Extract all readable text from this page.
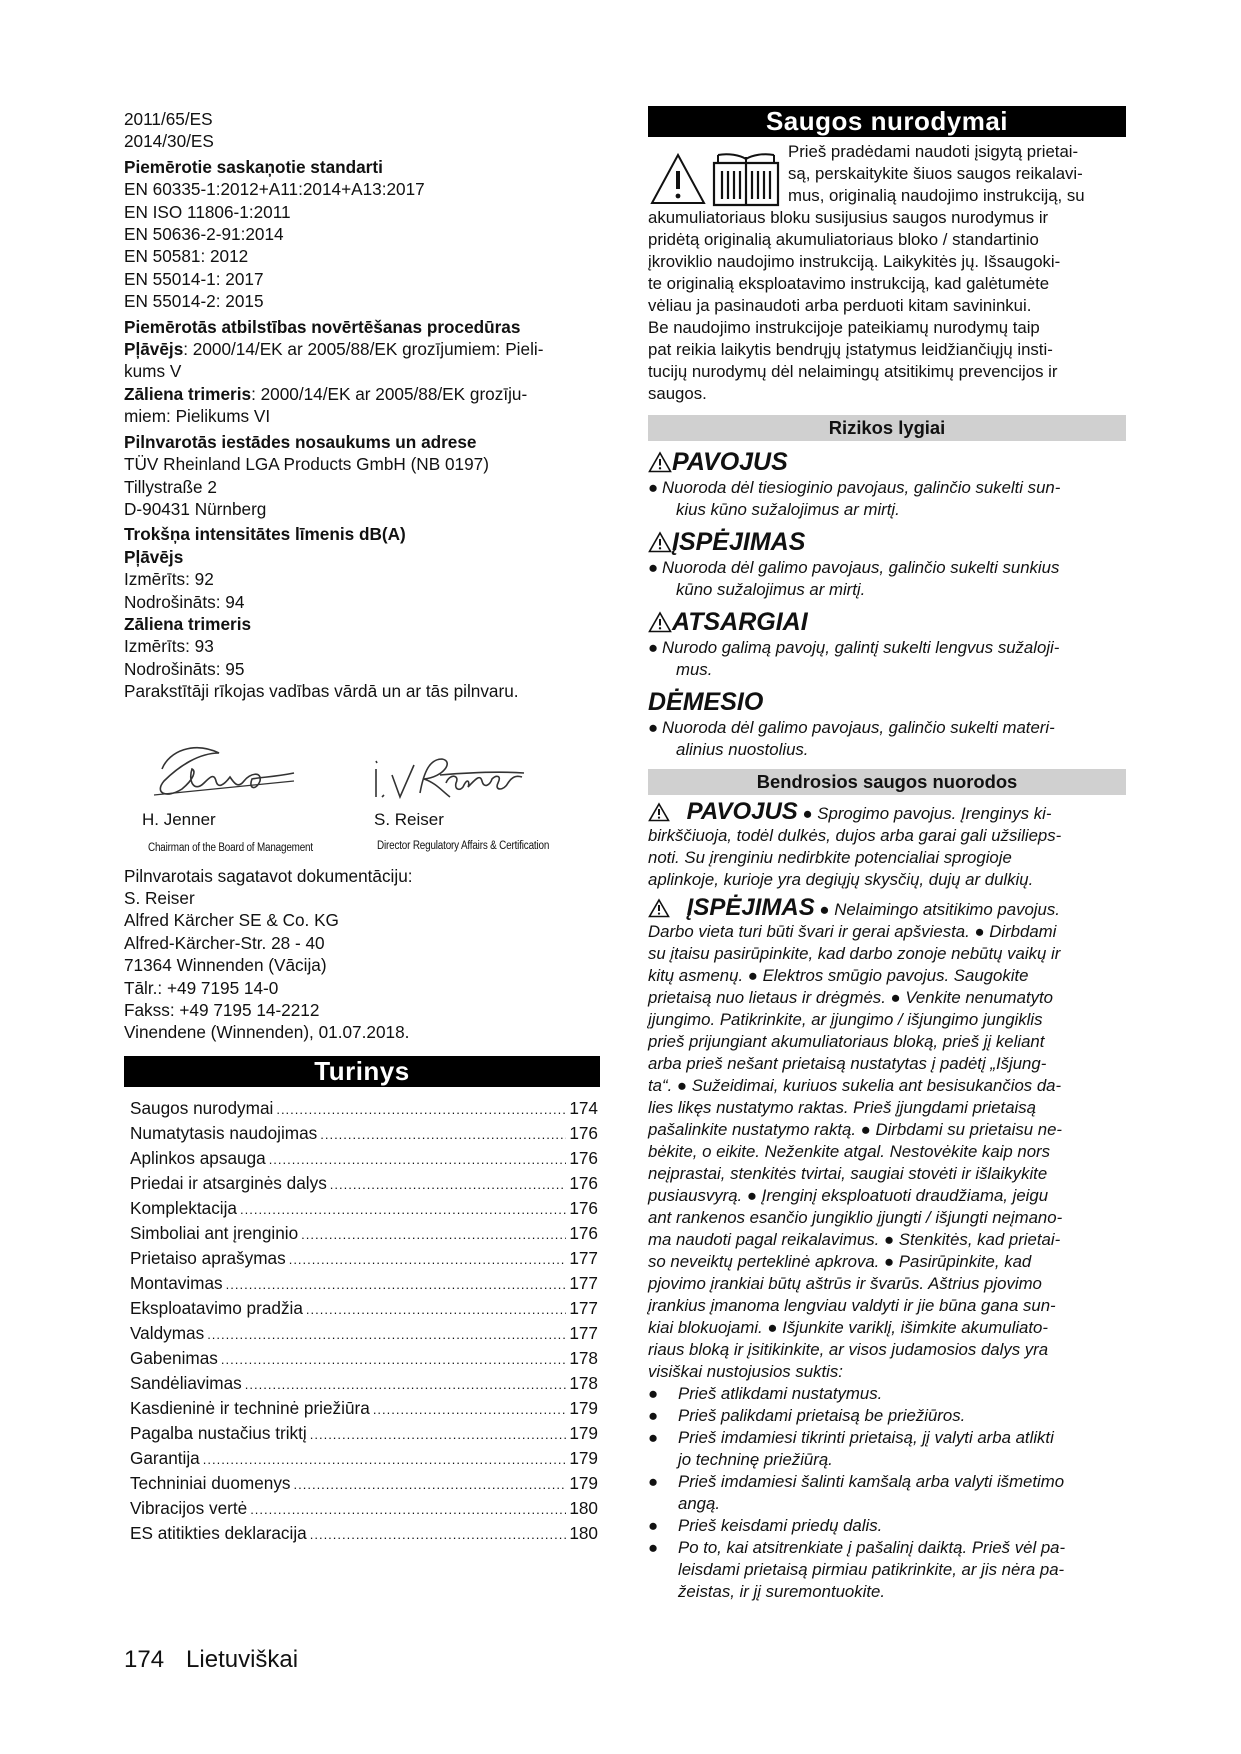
2011/65/ES
2014/30/ES
Piemērotie saskaņotie standarti
EN 60335-1:2012+A11:2014+A13:2017
EN ISO 11806-1:2011
EN 50636-2-91:2014
EN 50581: 2012
EN 55014-1: 2017
EN 55014-2: 2015
Piemērotās atbilstības novērtēšanas procedūras
Pļāvējs: 2000/14/EK ar 2005/88/EK grozījumiem: Pieli-
kums V
Zāliena trimeris: 2000/14/EK ar 2005/88/EK grozīju-
miem: Pielikums VI
Pilnvarotās iestādes nosaukums un adrese
TÜV Rheinland LGA Products GmbH (NB 0197)
Tillystraße 2
D-90431 Nürnberg
Trokšņa intensitātes līmenis dB(A)
Pļāvējs
Izmērīts: 92
Nodrošināts: 94
Zāliena trimeris
Izmērīts: 93
Nodrošināts: 95
Parakstītāji rīkojas vadības vārdā un ar tās pilnvaru.
H. Jenner	S. Reiser
Chairman of the Board of Management	Director Regulatory Affairs & Certification
Pilnvarotais sagatavot dokumentāciju:
S. Reiser
Alfred Kärcher SE & Co. KG
Alfred-Kärcher-Str. 28 - 40
71364 Winnenden (Vācija)
Tālr.: +49 7195 14-0
Fakss: +49 7195 14-2212
Vinendene (Winnenden), 01.07.2018.
Turinys
Saugos nurodymai .....	174
Numatytasis naudojimas .....	176
Aplinkos apsauga .....	176
Priedai ir atsarginės dalys .....	176
Komplektacija .....	176
Simboliai ant įrenginio .....	176
Prietaiso aprašymas .....	177
Montavimas .....	177
Eksploatavimo pradžia .....	177
Valdymas .....	177
Gabenimas .....	178
Sandėliavimas .....	178
Kasdieninė ir techninė priežiūra .....	179
Pagalba nustačius triktį .....	179
Garantija .....	179
Techniniai duomenys .....	179
Vibracijos vertė .....	180
ES atitikties deklaracija .....	180
Saugos nurodymai
Prieš pradėdami naudoti įsigytą prietai-
są, perskaitykite šiuos saugos reikalavi-
mus, originalią naudojimo instrukciją, su
akumuliatoriaus bloku susijusius saugos nurodymus ir
pridėtą originalią akumuliatoriaus bloko / standartinio
įkroviklio naudojimo instrukciją. Laikykitės jų. Išsaugoki-
te originalią eksploatavimo instrukciją, kad galėtumėte
vėliau ja pasinaudoti arba perduoti kitam savininkui.
Be naudojimo instrukcijoje pateikiamų nurodymų taip
pat reikia laikytis bendrųjų įstatymus leidžiančiųjų insti-
tucijų nurodymų dėl nelaimingų atsitikimų prevencijos ir
saugos.
Rizikos lygiai
PAVOJUS
● Nuoroda dėl tiesioginio pavojaus, galinčio sukelti sun-
kius kūno sužalojimus ar mirtį.
ĮSPĖJIMAS
● Nuoroda dėl galimo pavojaus, galinčio sukelti sunkius
kūno sužalojimus ar mirtį.
ATSARGIAI
● Nurodo galimą pavojų, galintį sukelti lengvus sužaloji-
mus.
DĖMESIO
● Nuoroda dėl galimo pavojaus, galinčio sukelti materi-
alinius nuostolius.
Bendrosios saugos nuorodos
PAVOJUS ● Sprogimo pavojus. Įrenginys ki-
birkščiuoja, todėl dulkės, dujos arba garai gali užsilieps-
noti. Su įrenginiu nedirbkite potencialiai sprogioje
aplinkoje, kurioje yra degiųjų skysčių, dujų ar dulkių.
ĮSPĖJIMAS ● Nelaimingo atsitikimo pavojus.
Darbo vieta turi būti švari ir gerai apšviesta. ● Dirbdami
su įtaisu pasirūpinkite, kad darbo zonoje nebūtų vaikų ir
kitų asmenų. ● Elektros smūgio pavojus. Saugokite
prietaisą nuo lietaus ir drėgmės. ● Venkite nenumatyto
įjungimo. Patikrinkite, ar įjungimo / išjungimo jungiklis
prieš prijungiant akumuliatoriaus bloką, prieš jį keliant
arba prieš nešant prietaisą nustatytas į padėtį „Išjung-
ta“. ● Sužeidimai, kuriuos sukelia ant besisukančios da-
lies likęs nustatymo raktas. Prieš įjungdami prietaisą
pašalinkite nustatymo raktą. ● Dirbdami su prietaisu ne-
bėkite, o eikite. Neženkite atgal. Nestovėkite kaip nors
neįprastai, stenkitės tvirtai, saugiai stovėti ir išlaikykite
pusiausvyrą. ● Įrenginį eksploatuoti draudžiama, jeigu
ant rankenos esančio jungiklio įjungti / išjungti neįmano-
ma naudoti pagal reikalavimus. ● Stenkitės, kad prietai-
so neveiktų perteklinė apkrova. ● Pasirūpinkite, kad
pjovimo įrankiai būtų aštrūs ir švarūs. Aštrius pjovimo
įrankius įmanoma lengviau valdyti ir jie būna gana sun-
kiai blokuojami. ● Išjunkite variklį, išimkite akumuliato-
riaus bloką ir įsitikinkite, ar visos judamosios dalys yra
visiškai nustojusios suktis:
●	Prieš atlikdami nustatymus.
●	Prieš palikdami prietaisą be priežiūros.
●	Prieš imdamiesi tikrinti prietaisą, jį valyti arba atlikti
jo techninę priežiūrą.
●	Prieš imdamiesi šalinti kamšalą arba valyti išmetimo
angą.
●	Prieš keisdami priedų dalis.
●	Po to, kai atsitrenkiate į pašalinį daiktą. Prieš vėl pa-
leisdami prietaisą pirmiau patikrinkite, ar jis nėra pa-
žeistas, ir jį suremontuokite.
174 Lietuviškai
